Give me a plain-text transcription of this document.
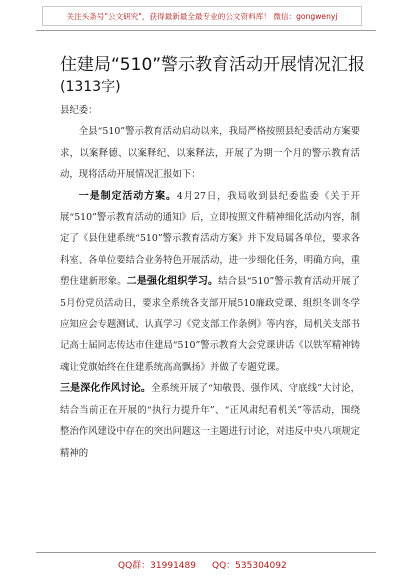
关注头条号"公文研究"，获得最新最全最专业的公文资料库！ 微信：gongwenyj
住建局“510”警示教育活动开展情况汇报
(1313字)

县纪委：

全县“510”警示教育活动启动以来，我局严格按照县纪委活动方案要求，以案释德、以案释纪、以案释法，开展了为期一个月的警示教育活动，现将活动开展情况汇报如下：

一是制定活动方案。4月27日，我局收到县纪委监委《关于开展“510”警示教育活动的通知》后，立即按照文件精神细化活动内容，制定了《县住建系统“510”警示教育活动方案》并下发局属各单位，要求各科室、各单位要结合业务特色开展活动，进一步细化任务，明确方向，重塑住建新形象。二是强化组织学习。结合县“510”警示教育活动开展了5月份党员活动日，要求全系统各支部开展510廉政党课、组织冬训冬学应知应会专题测试、认真学习《党支部工作条例》等内容，局机关支部书记高士届同志传达市住建局“510”警示教育大会党课讲话《以铁军精神铸魂让党旗始终在住建系统高高飘扬》并做了专题党课。

三是深化作风讨论。全系统开展了“知敬畏、强作风、守底线”大讨论，结合当前正在开展的“执行力提升年”、“正风肃纪看机关”等活动，围绕整治作风建设中存在的突出问题这一主题进行讨论，对违反中央八项规定精神的

QQ群：31991489 QQ：535304092
